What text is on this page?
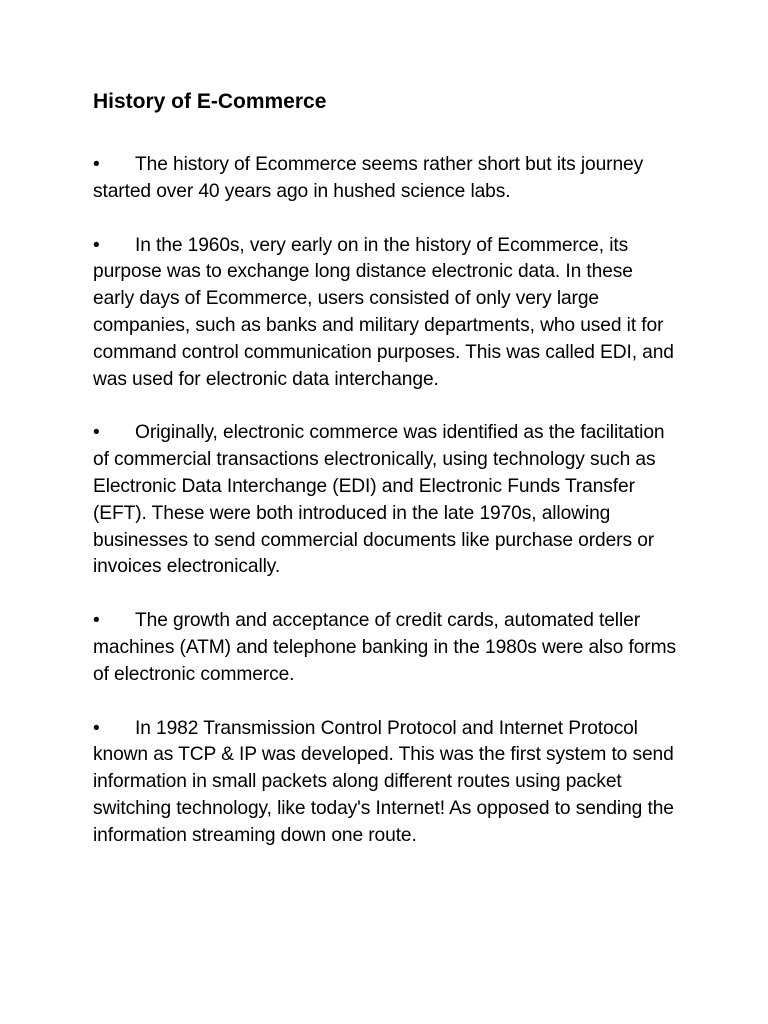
History of E-Commerce

• The history of Ecommerce seems rather short but its journey started over 40 years ago in hushed science labs.

• In the 1960s, very early on in the history of Ecommerce, its purpose was to exchange long distance electronic data. In these early days of Ecommerce, users consisted of only very large companies, such as banks and military departments, who used it for command control communication purposes. This was called EDI, and was used for electronic data interchange.

• Originally, electronic commerce was identified as the facilitation of commercial transactions electronically, using technology such as Electronic Data Interchange (EDI) and Electronic Funds Transfer (EFT). These were both introduced in the late 1970s, allowing businesses to send commercial documents like purchase orders or invoices electronically.

• The growth and acceptance of credit cards, automated teller machines (ATM) and telephone banking in the 1980s were also forms of electronic commerce.

• In 1982 Transmission Control Protocol and Internet Protocol known as TCP & IP was developed. This was the first system to send information in small packets along different routes using packet switching technology, like today's Internet! As opposed to sending the information streaming down one route.
